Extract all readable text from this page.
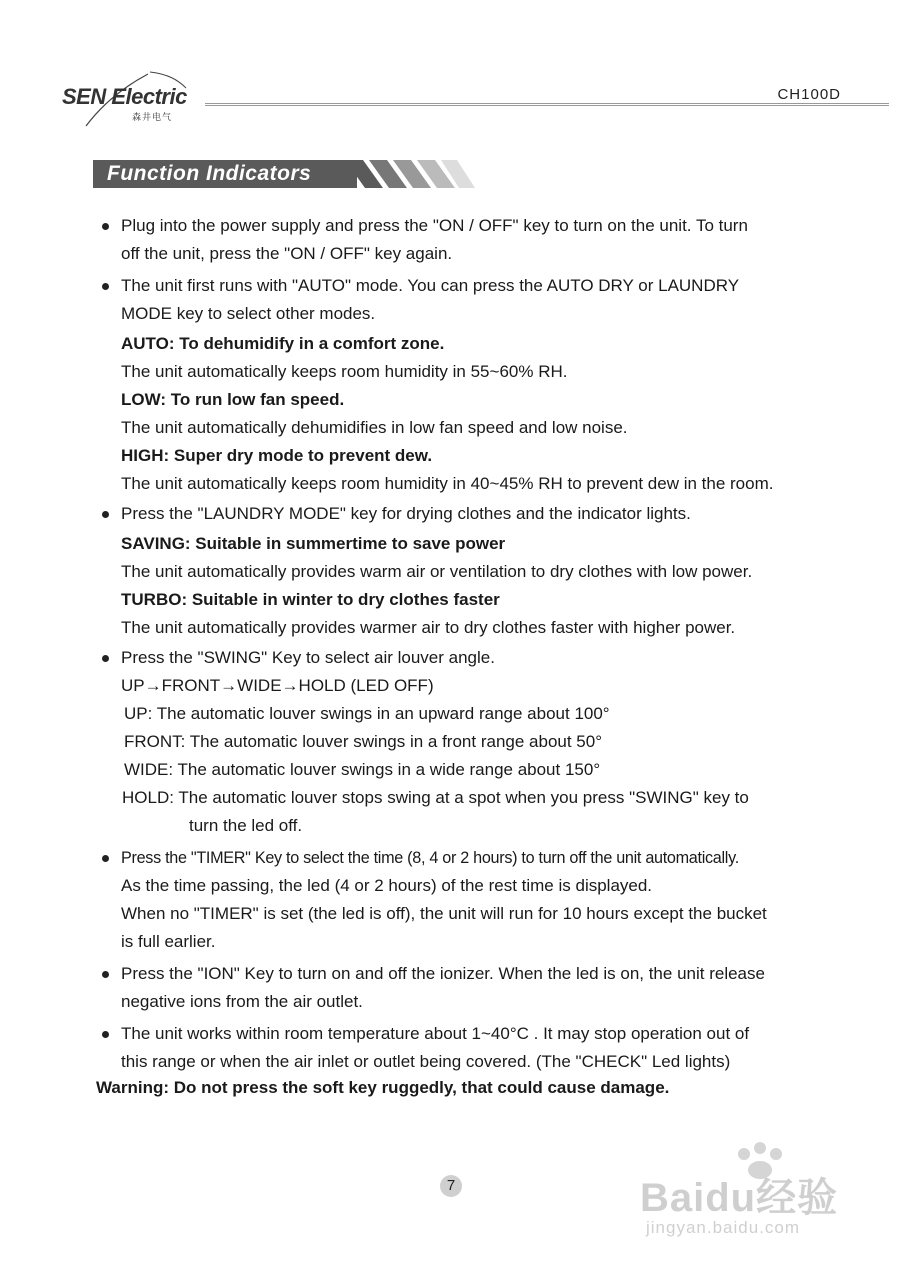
SEN Electric
森井电气
CH100D
Function Indicators
Plug into the power supply and press the "ON / OFF" key to turn on the unit. To turn
off the unit, press the "ON / OFF" key again.
The unit first runs with "AUTO" mode. You can press the AUTO DRY or LAUNDRY
MODE key to select other modes.
AUTO: To dehumidify in a comfort zone.
The unit automatically keeps room humidity in 55~60% RH.
LOW: To run low fan speed.
The unit automatically dehumidifies in low fan speed and low noise.
HIGH: Super dry mode to prevent dew.
The unit automatically keeps room humidity in 40~45% RH to prevent dew in the room.
Press the "LAUNDRY MODE" key for drying clothes and the indicator lights.
SAVING: Suitable in summertime to save power
The unit automatically provides warm air or ventilation to dry clothes with low power.
TURBO: Suitable in winter to dry clothes faster
The unit automatically provides warmer air to dry clothes faster with higher power.
Press the "SWING" Key to select air louver angle.
UP→FRONT→WIDE→HOLD (LED OFF)
UP: The automatic louver swings in an upward range about 100°
FRONT: The automatic louver swings in a front range about 50°
WIDE: The automatic louver swings in a wide range about 150°
HOLD: The automatic louver stops swing at a spot when you press "SWING" key to
turn the led off.
Press the "TIMER" Key to select the time (8, 4 or 2 hours) to turn off the unit automatically.
As the time passing, the led (4 or 2 hours) of the rest time is displayed.
When no "TIMER" is set (the led is off), the unit will run for 10 hours except the bucket
is full earlier.
Press the "ION" Key to turn on and off the ionizer. When the led is on, the unit release
negative ions from the air outlet.
The unit works within room temperature about 1~40°C . It may stop operation out of
this range or when the air inlet or outlet being covered. (The "CHECK" Led lights)
Warning: Do not press the soft key ruggedly, that could cause damage.
7	Baidu经验
jingyan.baidu.com
